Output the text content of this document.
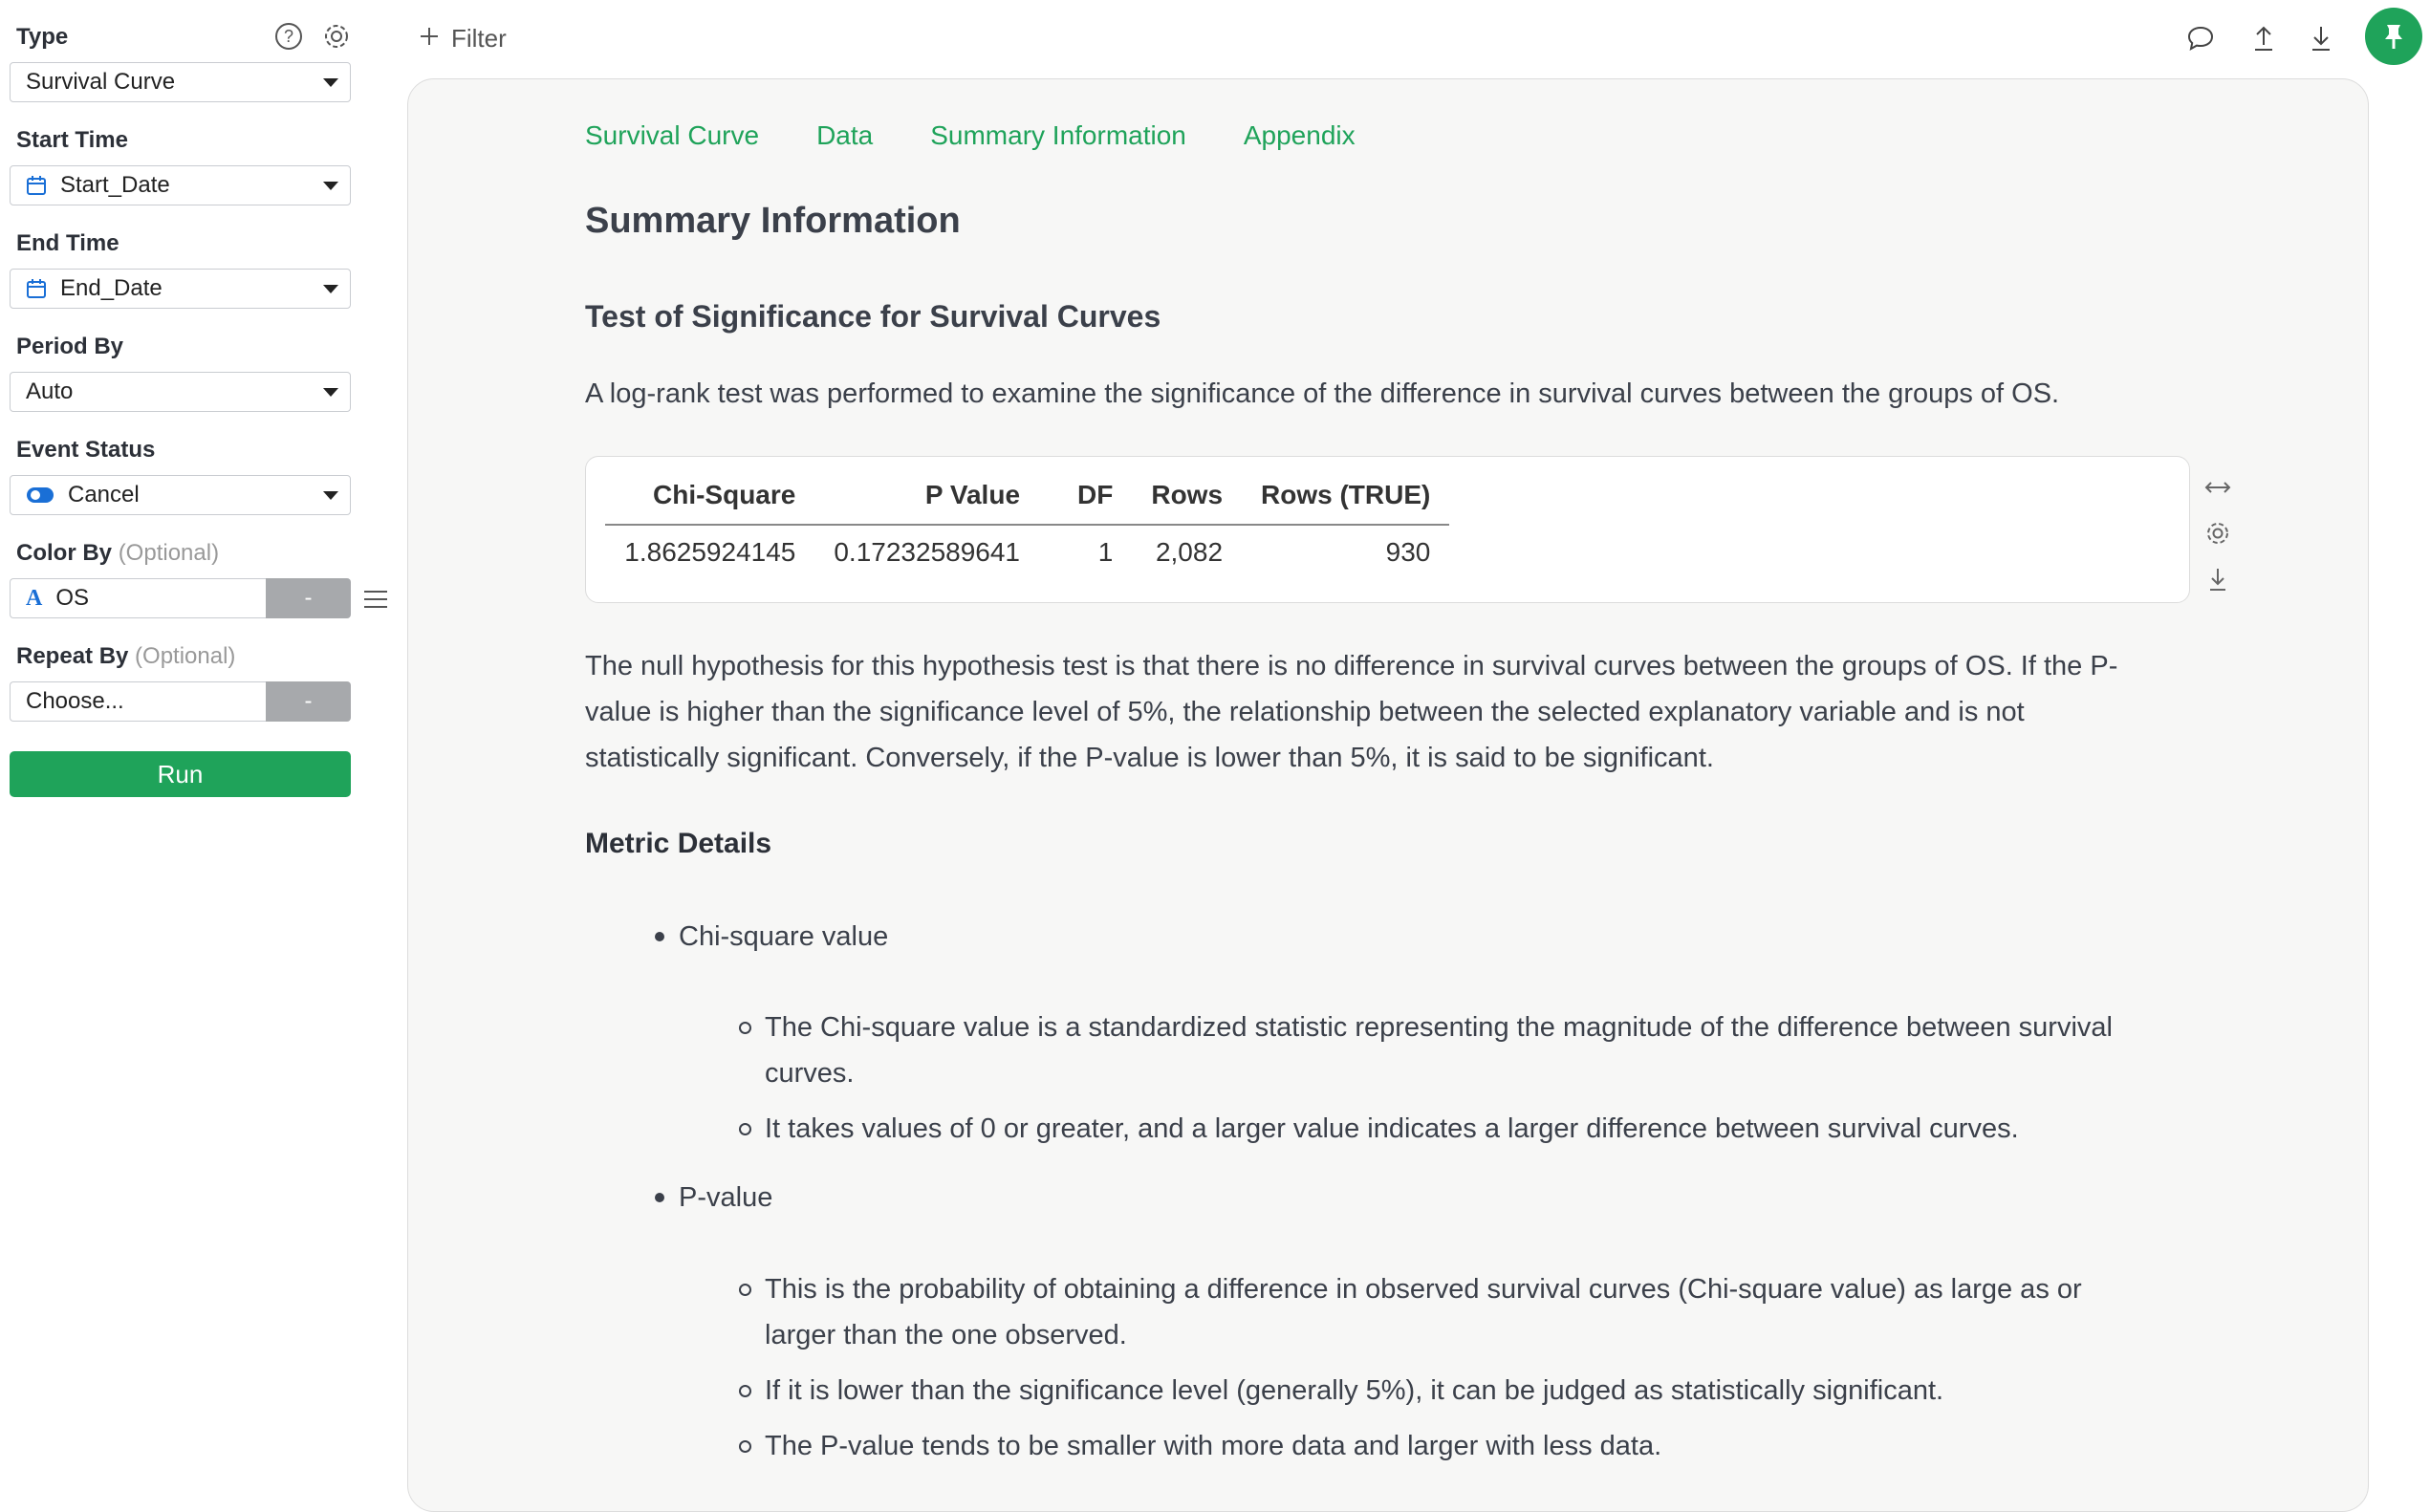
Type	?
Survival Curve
Start Time
Start_Date
End Time
End_Date
Period By
Auto
Event Status
Cancel
Color By (Optional)
A OS	-
Repeat By (Optional)
Choose...	-
Run
Filter
Survival Curve Data Summary Information Appendix
Summary Information
Test of Significance for Survival Curves
A log-rank test was performed to examine the significance of the difference in survival curves between the groups of OS.
Chi-Square	P Value	DF	Rows	Rows (TRUE)
1.8625924145	0.17232589641	1	2,082	930
The null hypothesis for this hypothesis test is that there is no difference in survival curves between the groups of OS. If the P-
value is higher than the significance level of 5%, the relationship between the selected explanatory variable and is not
statistically significant. Conversely, if the P-value is lower than 5%, it is said to be significant.
Metric Details
Chi-square value
The Chi-square value is a standardized statistic representing the magnitude of the difference between survival
curves.
It takes values of 0 or greater, and a larger value indicates a larger difference between survival curves.
P-value
This is the probability of obtaining a difference in observed survival curves (Chi-square value) as large as or
larger than the one observed.
If it is lower than the significance level (generally 5%), it can be judged as statistically significant.
The P-value tends to be smaller with more data and larger with less data.
